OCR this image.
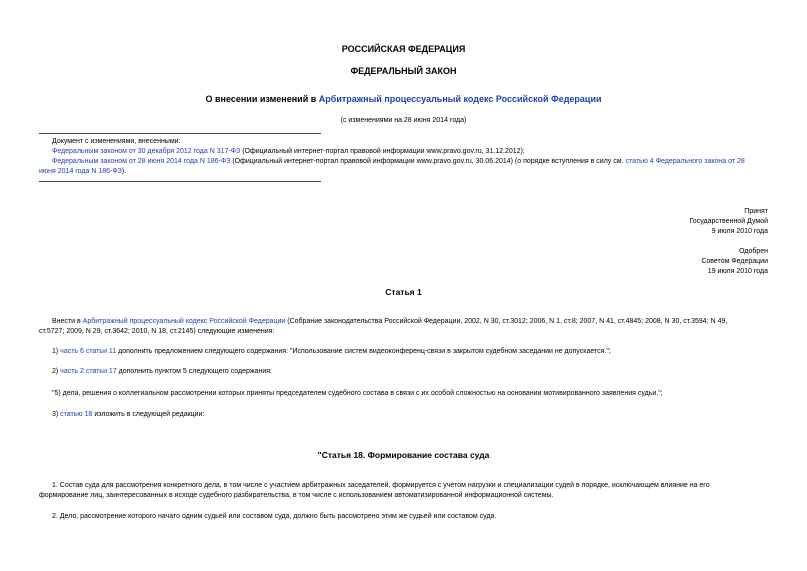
РОССИЙСКАЯ ФЕДЕРАЦИЯ
ФЕДЕРАЛЬНЫЙ ЗАКОН
О внесении изменений в Арбитражный процессуальный кодекс Российской Федерации
(с изменениями на 28 июня 2014 года)
Документ с изменениями, внесенными:
Федеральным законом от 30 декабря 2012 года N 317-ФЗ (Официальный интернет-портал правовой информации www.pravo.gov.ru, 31.12.2012);
Федеральным законом от 28 июня 2014 года N 186-ФЗ (Официальный интернет-портал правовой информации www.pravo.gov.ru, 30.06.2014) (о порядке вступления в силу см. статью 4 Федерального закона от 28
июня 2014 года N 186-ФЗ).
Принят
Государственной Думой
9 июля 2010 года
Одобрен
Советом Федерации
19 июля 2010 года
Статья 1
Внести в Арбитражный процессуальный кодекс Российской Федерации (Собрание законодательства Российской Федерации, 2002, N 30, ст.3012; 2006, N 1, ст.8; 2007, N 41, ст.4845; 2008, N 30, ст.3594; N 49,
ст.5727; 2009, N 29, ст.3642; 2010, N 18, ст.2145) следующие изменения:
1) часть 6 статьи 11 дополнить предложением следующего содержания: "Использование систем видеоконференц-связи в закрытом судебном заседании не допускается.";
2) часть 2 статьи 17 дополнить пунктом 5 следующего содержания:
"5) дела, решения о коллегиальном рассмотрении которых приняты председателем судебного состава в связи с их особой сложностью на основании мотивированного заявления судьи.";
3) статью 18 изложить в следующей редакции:
"Статья 18. Формирование состава суда
1. Состав суда для рассмотрения конкретного дела, в том числе с участием арбитражных заседателей, формируется с учетом нагрузки и специализации судей в порядке, исключающем влияние на его
формирование лиц, заинтересованных в исходе судебного разбирательства, в том числе с использованием автоматизированной информационной системы.
2. Дело, рассмотрение которого начато одним судьей или составом суда, должно быть рассмотрено этим же судьей или составом суда.
